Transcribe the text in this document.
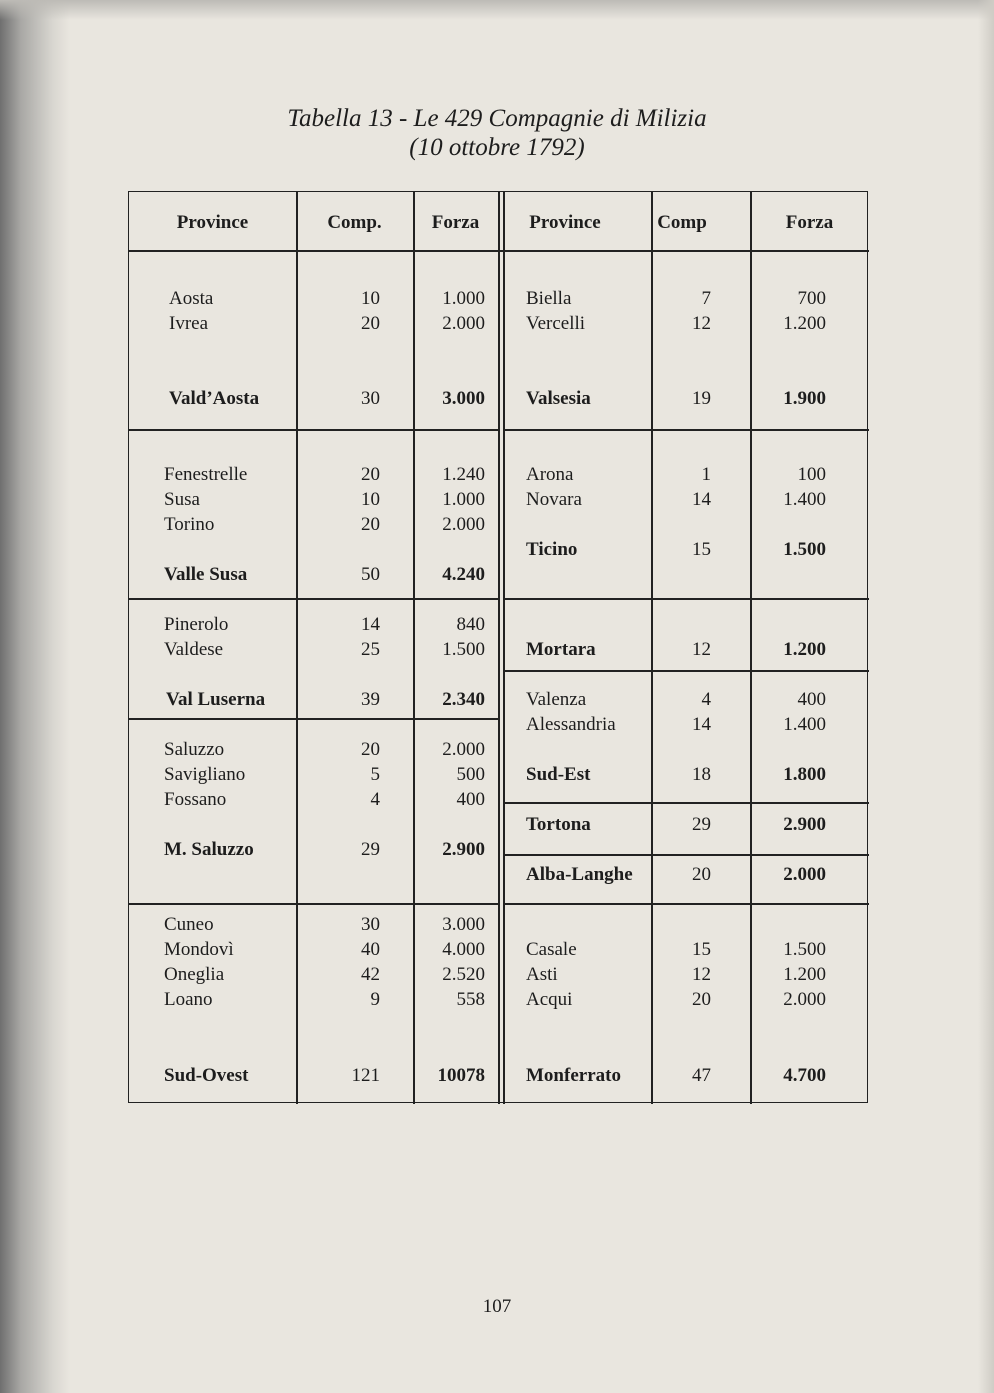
Tabella 13 - Le 429 Compagnie di Milizia
(10 ottobre 1792)
Province	Comp.	Forza	Province	Comp	Forza
Aosta	10	1.000
Ivrea	20	2.000
Vald’Aosta	30	3.000
Fenestrelle	20	1.240
Susa	10	1.000
Torino	20	2.000
Valle Susa	50	4.240
Pinerolo	14	840
Valdese	25	1.500
Val Luserna	39	2.340
Saluzzo	20	2.000
Savigliano	5	500
Fossano	4	400
M. Saluzzo	29	2.900
Cuneo	30	3.000
Mondovì	40	4.000
Oneglia	42	2.520
Loano	9	558
Sud-Ovest	121	10078
Biella	7	700
Vercelli	12	1.200
Valsesia	19	1.900
Arona	1	100
Novara	14	1.400
Ticino	15	1.500
Mortara	12	1.200
Valenza	4	400
Alessandria	14	1.400
Sud-Est	18	1.800
Tortona	29	2.900
Alba-Langhe	20	2.000
Casale	15	1.500
Asti	12	1.200
Acqui	20	2.000
Monferrato	47	4.700
107
